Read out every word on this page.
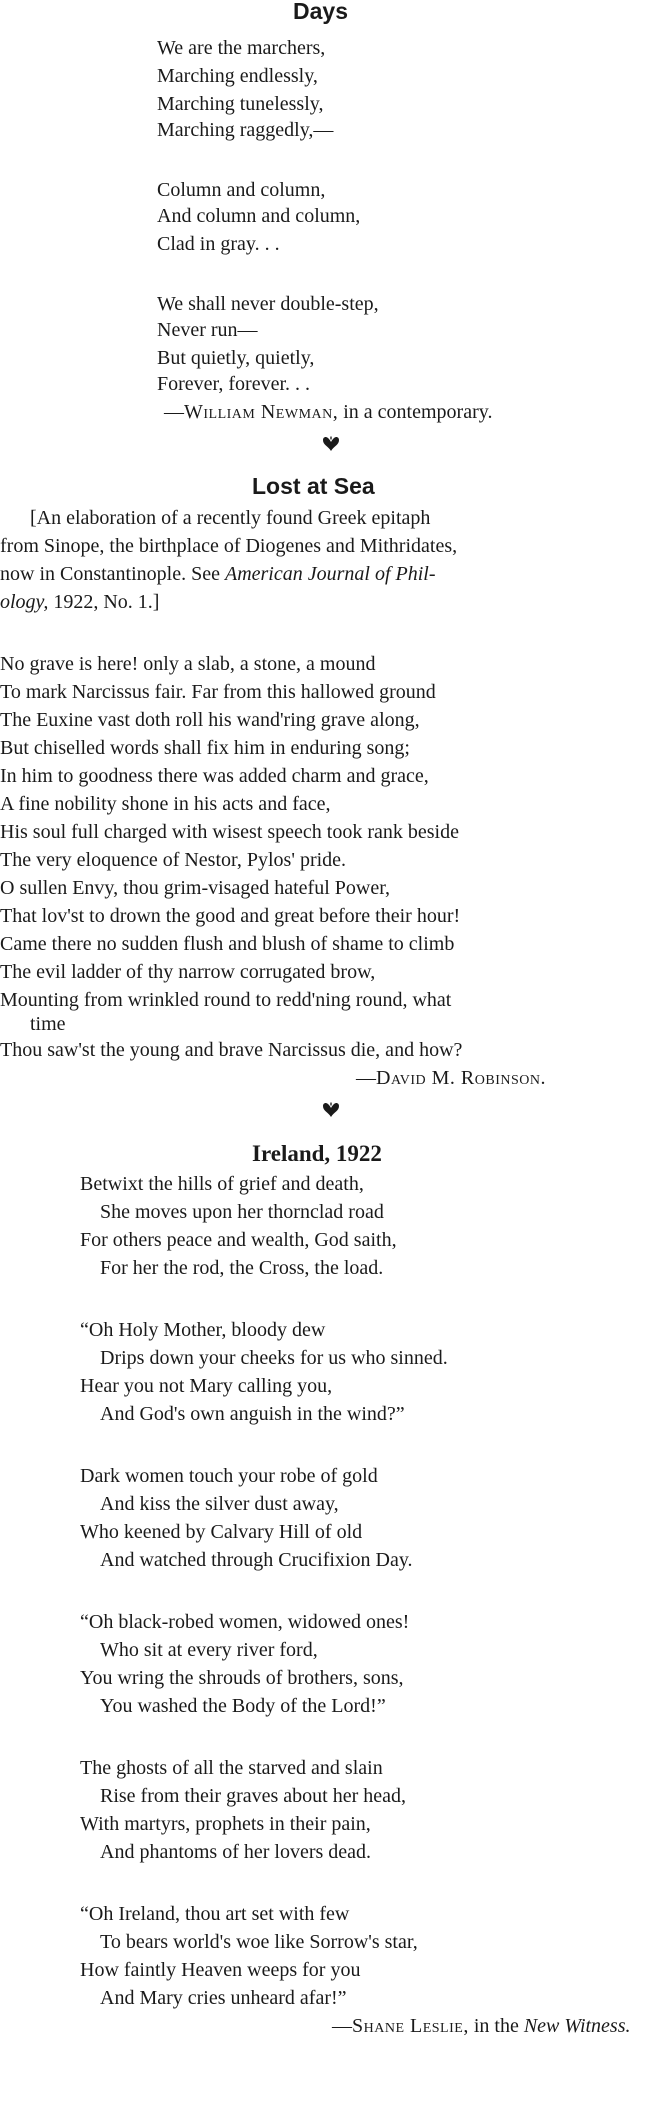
Days
We are the marchers,
Marching endlessly,
Marching tunelessly,
Marching raggedly,—
Column and column,
And column and column,
Clad in gray. . .
We shall never double-step,
Never run—
But quietly, quietly,
Forever, forever. . .
—William Newman, in a contemporary.
Lost at Sea
[An elaboration of a recently found Greek epitaph
from Sinope, the birthplace of Diogenes and Mithridates,
now in Constantinople. See American Journal of Phil-
ology, 1922, No. 1.]
No grave is here! only a slab, a stone, a mound
To mark Narcissus fair. Far from this hallowed ground
The Euxine vast doth roll his wand'ring grave along,
But chiselled words shall fix him in enduring song;
In him to goodness there was added charm and grace,
A fine nobility shone in his acts and face,
His soul full charged with wisest speech took rank beside
The very eloquence of Nestor, Pylos' pride.
O sullen Envy, thou grim-visaged hateful Power,
That lov'st to drown the good and great before their hour!
Came there no sudden flush and blush of shame to climb
The evil ladder of thy narrow corrugated brow,
Mounting from wrinkled round to redd'ning round, what
time
Thou saw'st the young and brave Narcissus die, and how?
—David M. Robinson.
Ireland, 1922
Betwixt the hills of grief and death,
She moves upon her thornclad road
For others peace and wealth, God saith,
For her the rod, the Cross, the load.
“Oh Holy Mother, bloody dew
Drips down your cheeks for us who sinned.
Hear you not Mary calling you,
And God's own anguish in the wind?”
Dark women touch your robe of gold
And kiss the silver dust away,
Who keened by Calvary Hill of old
And watched through Crucifixion Day.
“Oh black-robed women, widowed ones!
Who sit at every river ford,
You wring the shrouds of brothers, sons,
You washed the Body of the Lord!”
The ghosts of all the starved and slain
Rise from their graves about her head,
With martyrs, prophets in their pain,
And phantoms of her lovers dead.
“Oh Ireland, thou art set with few
To bears world's woe like Sorrow's star,
How faintly Heaven weeps for you
And Mary cries unheard afar!”
—Shane Leslie, in the New Witness.
